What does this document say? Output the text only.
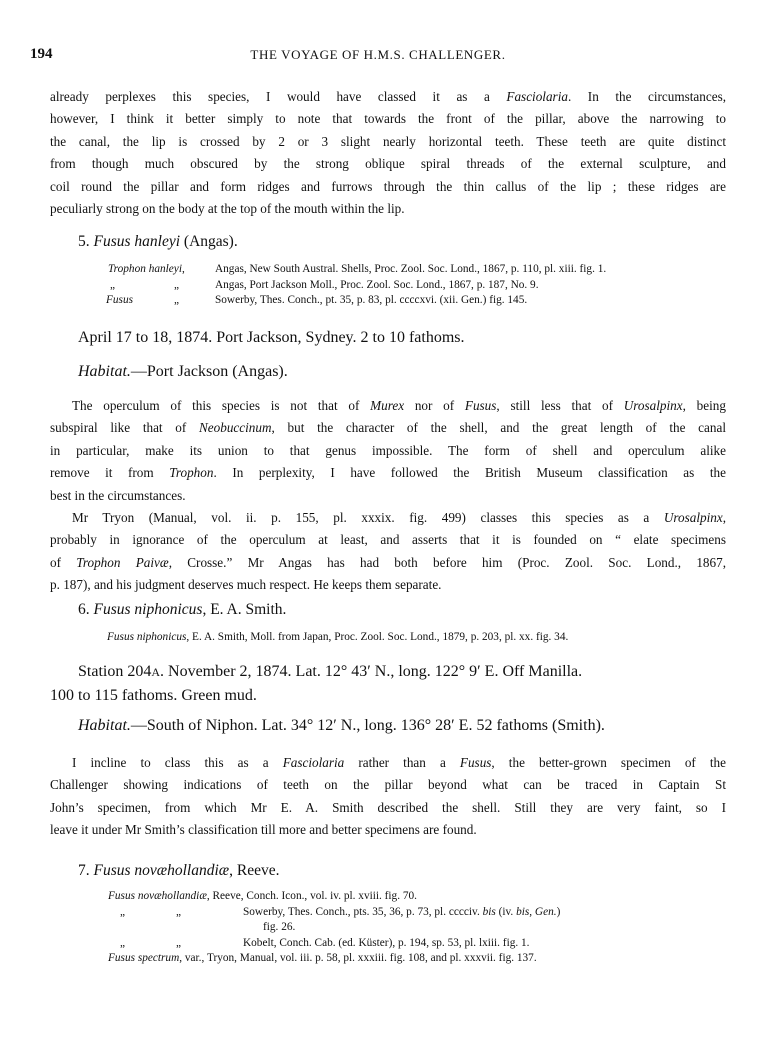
194	THE VOYAGE OF H.M.S. CHALLENGER.
already perplexes this species, I would have classed it as a Fasciolaria. In the circumstances,
however, I think it better simply to note that towards the front of the pillar, above the narrowing to
the canal, the lip is crossed by 2 or 3 slight nearly horizontal teeth. These teeth are quite distinct
from though much obscured by the strong oblique spiral threads of the external sculpture, and
coil round the pillar and form ridges and furrows through the thin callus of the lip ; these ridges are
peculiarly strong on the body at the top of the mouth within the lip.
5. Fusus hanleyi (Angas).
Trophon hanleyi,	Angas, New South Austral. Shells, Proc. Zool. Soc. Lond., 1867, p. 110, pl. xiii. fig. 1.
„	„	Angas, Port Jackson Moll., Proc. Zool. Soc. Lond., 1867, p. 187, No. 9.
Fusus	„	Sowerby, Thes. Conch., pt. 35, p. 83, pl. ccccxvi. (xii. Gen.) fig. 145.
April 17 to 18, 1874. Port Jackson, Sydney. 2 to 10 fathoms.
Habitat.—Port Jackson (Angas).
The operculum of this species is not that of Murex nor of Fusus, still less that of Urosalpinx, being
subspiral like that of Neobuccinum, but the character of the shell, and the great length of the canal
in particular, make its union to that genus impossible. The form of shell and operculum alike
remove it from Trophon. In perplexity, I have followed the British Museum classification as the
best in the circumstances.
Mr Tryon (Manual, vol. ii. p. 155, pl. xxxix. fig. 499) classes this species as a Urosalpinx,
probably in ignorance of the operculum at least, and asserts that it is founded on “ elate specimens
of Trophon Paivæ, Crosse.” Mr Angas has had both before him (Proc. Zool. Soc. Lond., 1867,
p. 187), and his judgment deserves much respect. He keeps them separate.
6. Fusus niphonicus, E. A. Smith.
Fusus niphonicus, E. A. Smith, Moll. from Japan, Proc. Zool. Soc. Lond., 1879, p. 203, pl. xx. fig. 34.
Station 204A. November 2, 1874. Lat. 12° 43′ N., long. 122° 9′ E. Off Manilla.
100 to 115 fathoms. Green mud.
Habitat.—South of Niphon. Lat. 34° 12′ N., long. 136° 28′ E. 52 fathoms (Smith).
I incline to class this as a Fasciolaria rather than a Fusus, the better-grown specimen of the
Challenger showing indications of teeth on the pillar beyond what can be traced in Captain St
John’s specimen, from which Mr E. A. Smith described the shell. Still they are very faint, so I
leave it under Mr Smith’s classification till more and better specimens are found.
7. Fusus novæhollandiæ, Reeve.
Fusus novæhollandiæ, Reeve, Conch. Icon., vol. iv. pl. xviii. fig. 70.
„	„	Sowerby, Thes. Conch., pts. 35, 36, p. 73, pl. cccciv. bis (iv. bis, Gen.)
fig. 26.
„	„	Kobelt, Conch. Cab. (ed. Küster), p. 194, sp. 53, pl. lxiii. fig. 1.
Fusus spectrum, var., Tryon, Manual, vol. iii. p. 58, pl. xxxiii. fig. 108, and pl. xxxvii. fig. 137.
